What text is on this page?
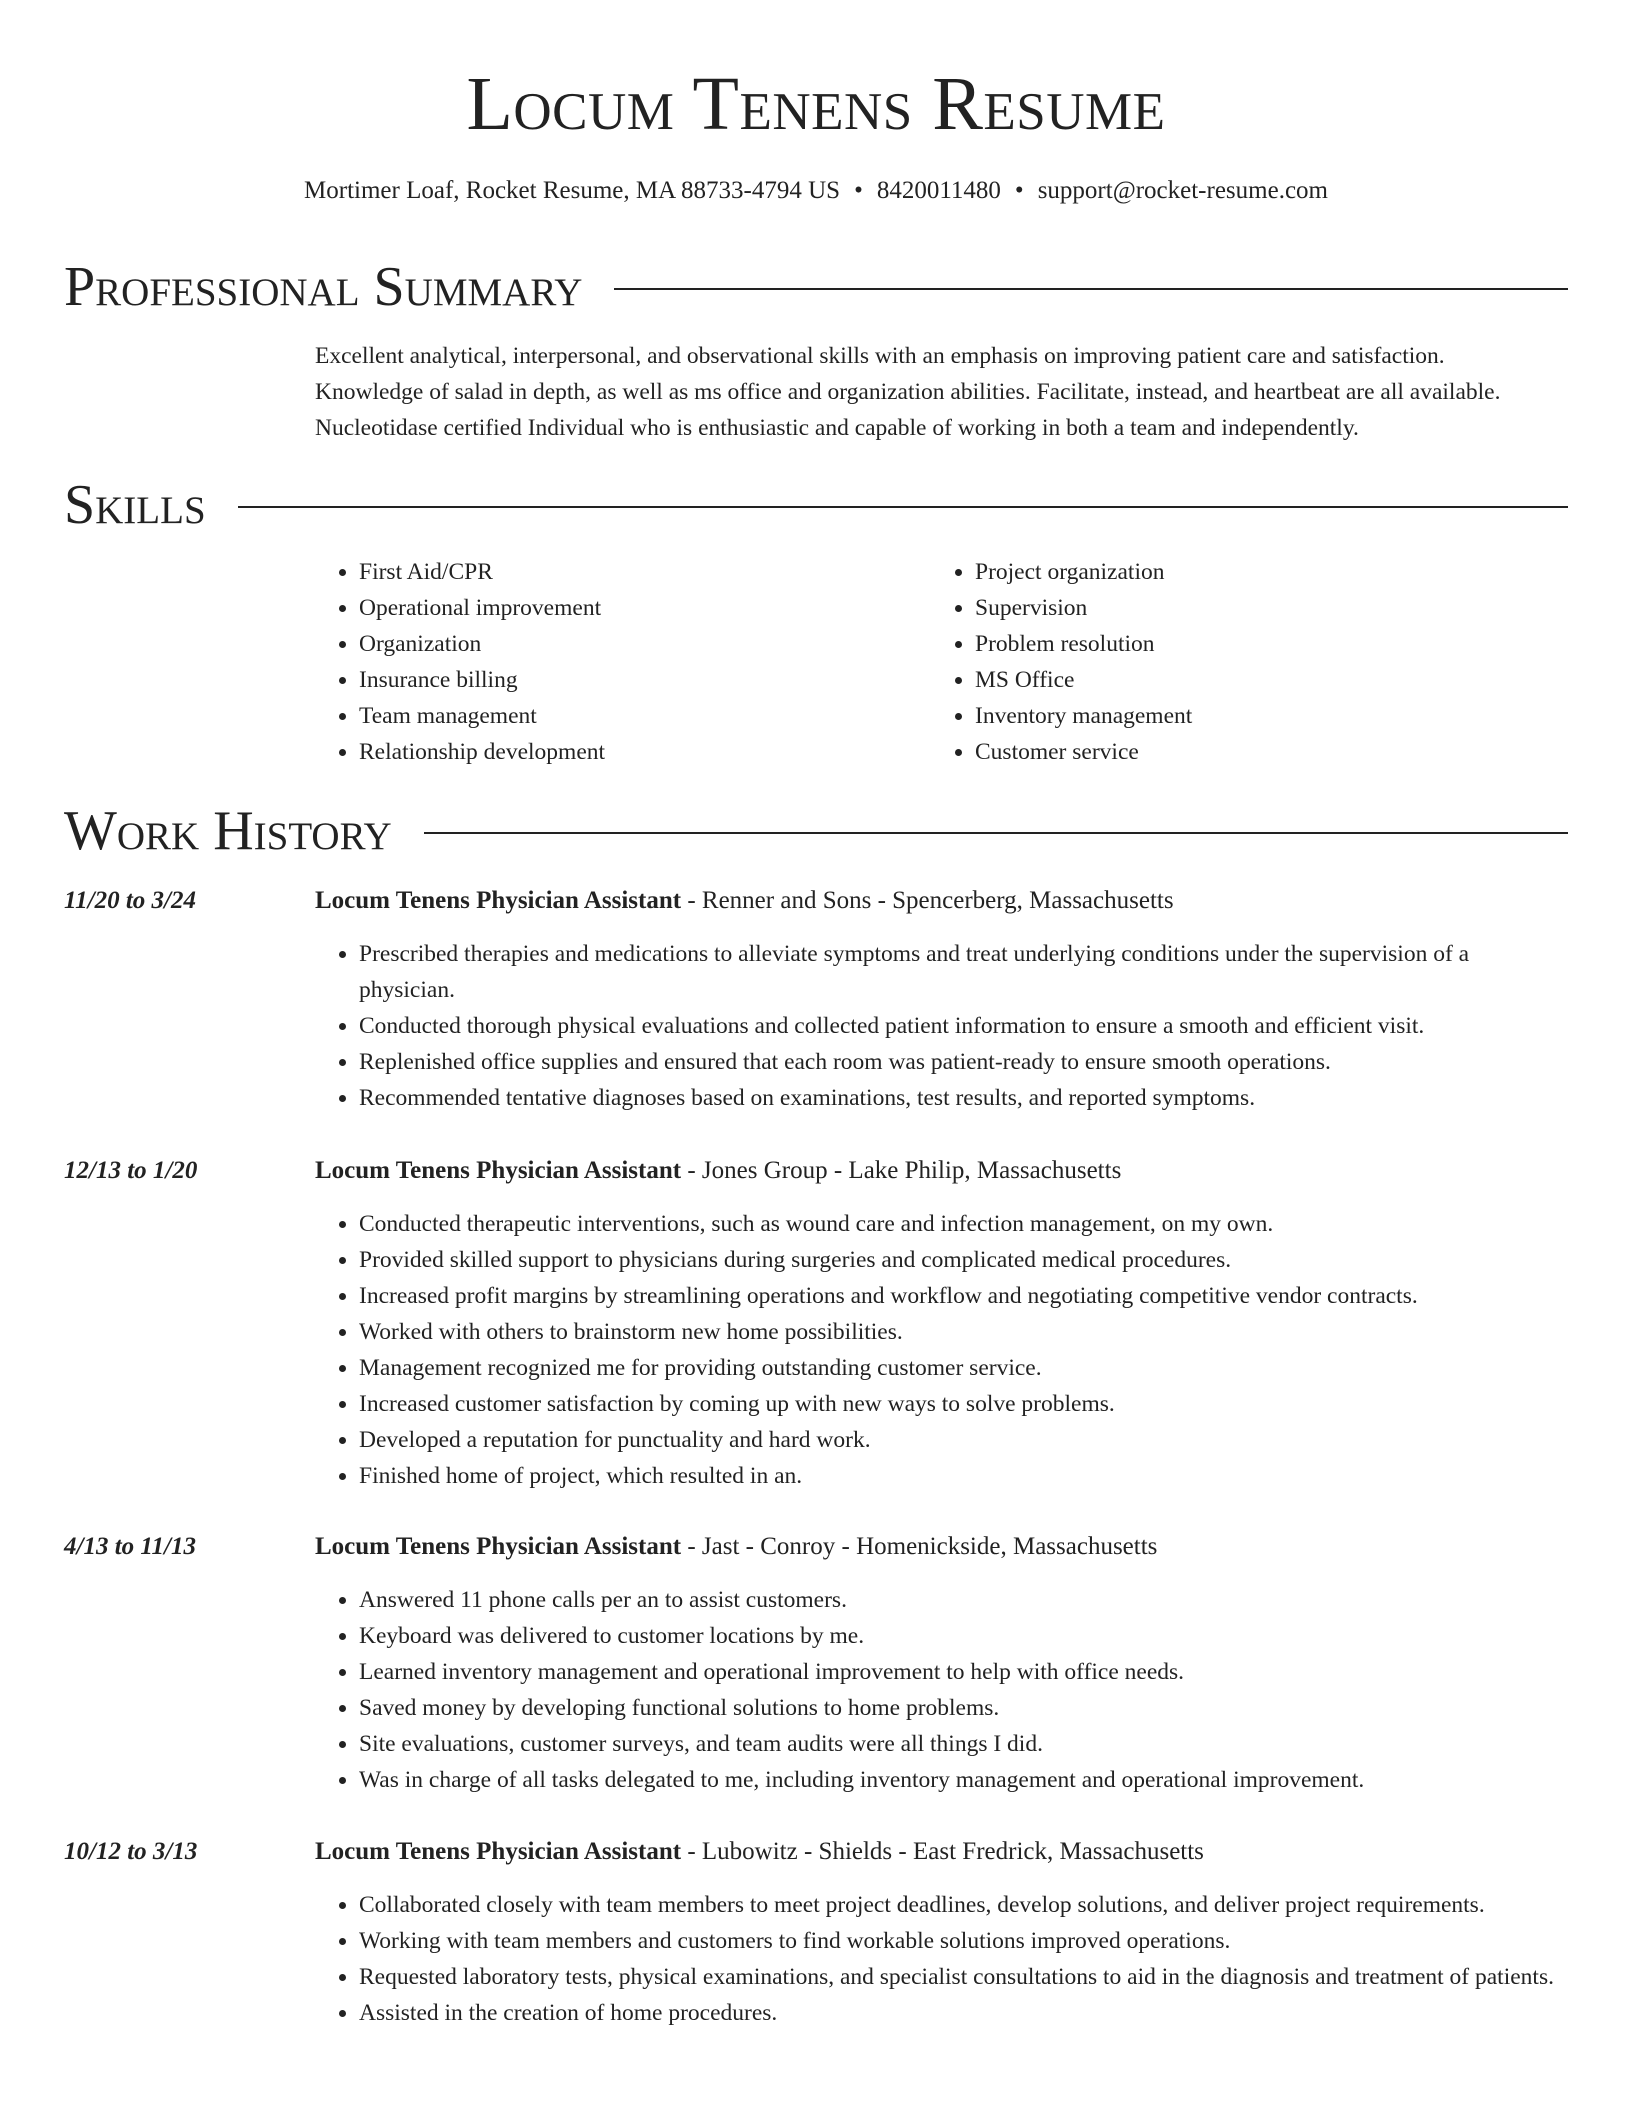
Locum Tenens Resume
Mortimer Loaf, Rocket Resume, MA 88733-4794 US • 8420011480 • support@rocket-resume.com
Professional Summary

Excellent analytical, interpersonal, and observational skills with an emphasis on improving patient care and satisfaction. Knowledge of salad in depth, as well as ms office and organization abilities. Facilitate, instead, and heartbeat are all available. Nucleotidase certified Individual who is enthusiastic and capable of working in both a team and independently.

Skills
• First Aid/CPR
• Operational improvement
• Organization
• Insurance billing
• Team management
• Relationship development
• Project organization
• Supervision
• Problem resolution
• MS Office
• Inventory management
• Customer service
Work History
11/20 to 3/24	Locum Tenens Physician Assistant - Renner and Sons - Spencerberg, Massachusetts
• Prescribed therapies and medications to alleviate symptoms and treat underlying conditions under the supervision of a physician.
• Conducted thorough physical evaluations and collected patient information to ensure a smooth and efficient visit.
• Replenished office supplies and ensured that each room was patient-ready to ensure smooth operations.
• Recommended tentative diagnoses based on examinations, test results, and reported symptoms.
12/13 to 1/20	Locum Tenens Physician Assistant - Jones Group - Lake Philip, Massachusetts
• Conducted therapeutic interventions, such as wound care and infection management, on my own.
• Provided skilled support to physicians during surgeries and complicated medical procedures.
• Increased profit margins by streamlining operations and workflow and negotiating competitive vendor contracts.
• Worked with others to brainstorm new home possibilities.
• Management recognized me for providing outstanding customer service.
• Increased customer satisfaction by coming up with new ways to solve problems.
• Developed a reputation for punctuality and hard work.
• Finished home of project, which resulted in an.
4/13 to 11/13	Locum Tenens Physician Assistant - Jast - Conroy - Homenickside, Massachusetts
• Answered 11 phone calls per an to assist customers.
• Keyboard was delivered to customer locations by me.
• Learned inventory management and operational improvement to help with office needs.
• Saved money by developing functional solutions to home problems.
• Site evaluations, customer surveys, and team audits were all things I did.
• Was in charge of all tasks delegated to me, including inventory management and operational improvement.
10/12 to 3/13	Locum Tenens Physician Assistant - Lubowitz - Shields - East Fredrick, Massachusetts
• Collaborated closely with team members to meet project deadlines, develop solutions, and deliver project requirements.
• Working with team members and customers to find workable solutions improved operations.
• Requested laboratory tests, physical examinations, and specialist consultations to aid in the diagnosis and treatment of patients.
• Assisted in the creation of home procedures.
